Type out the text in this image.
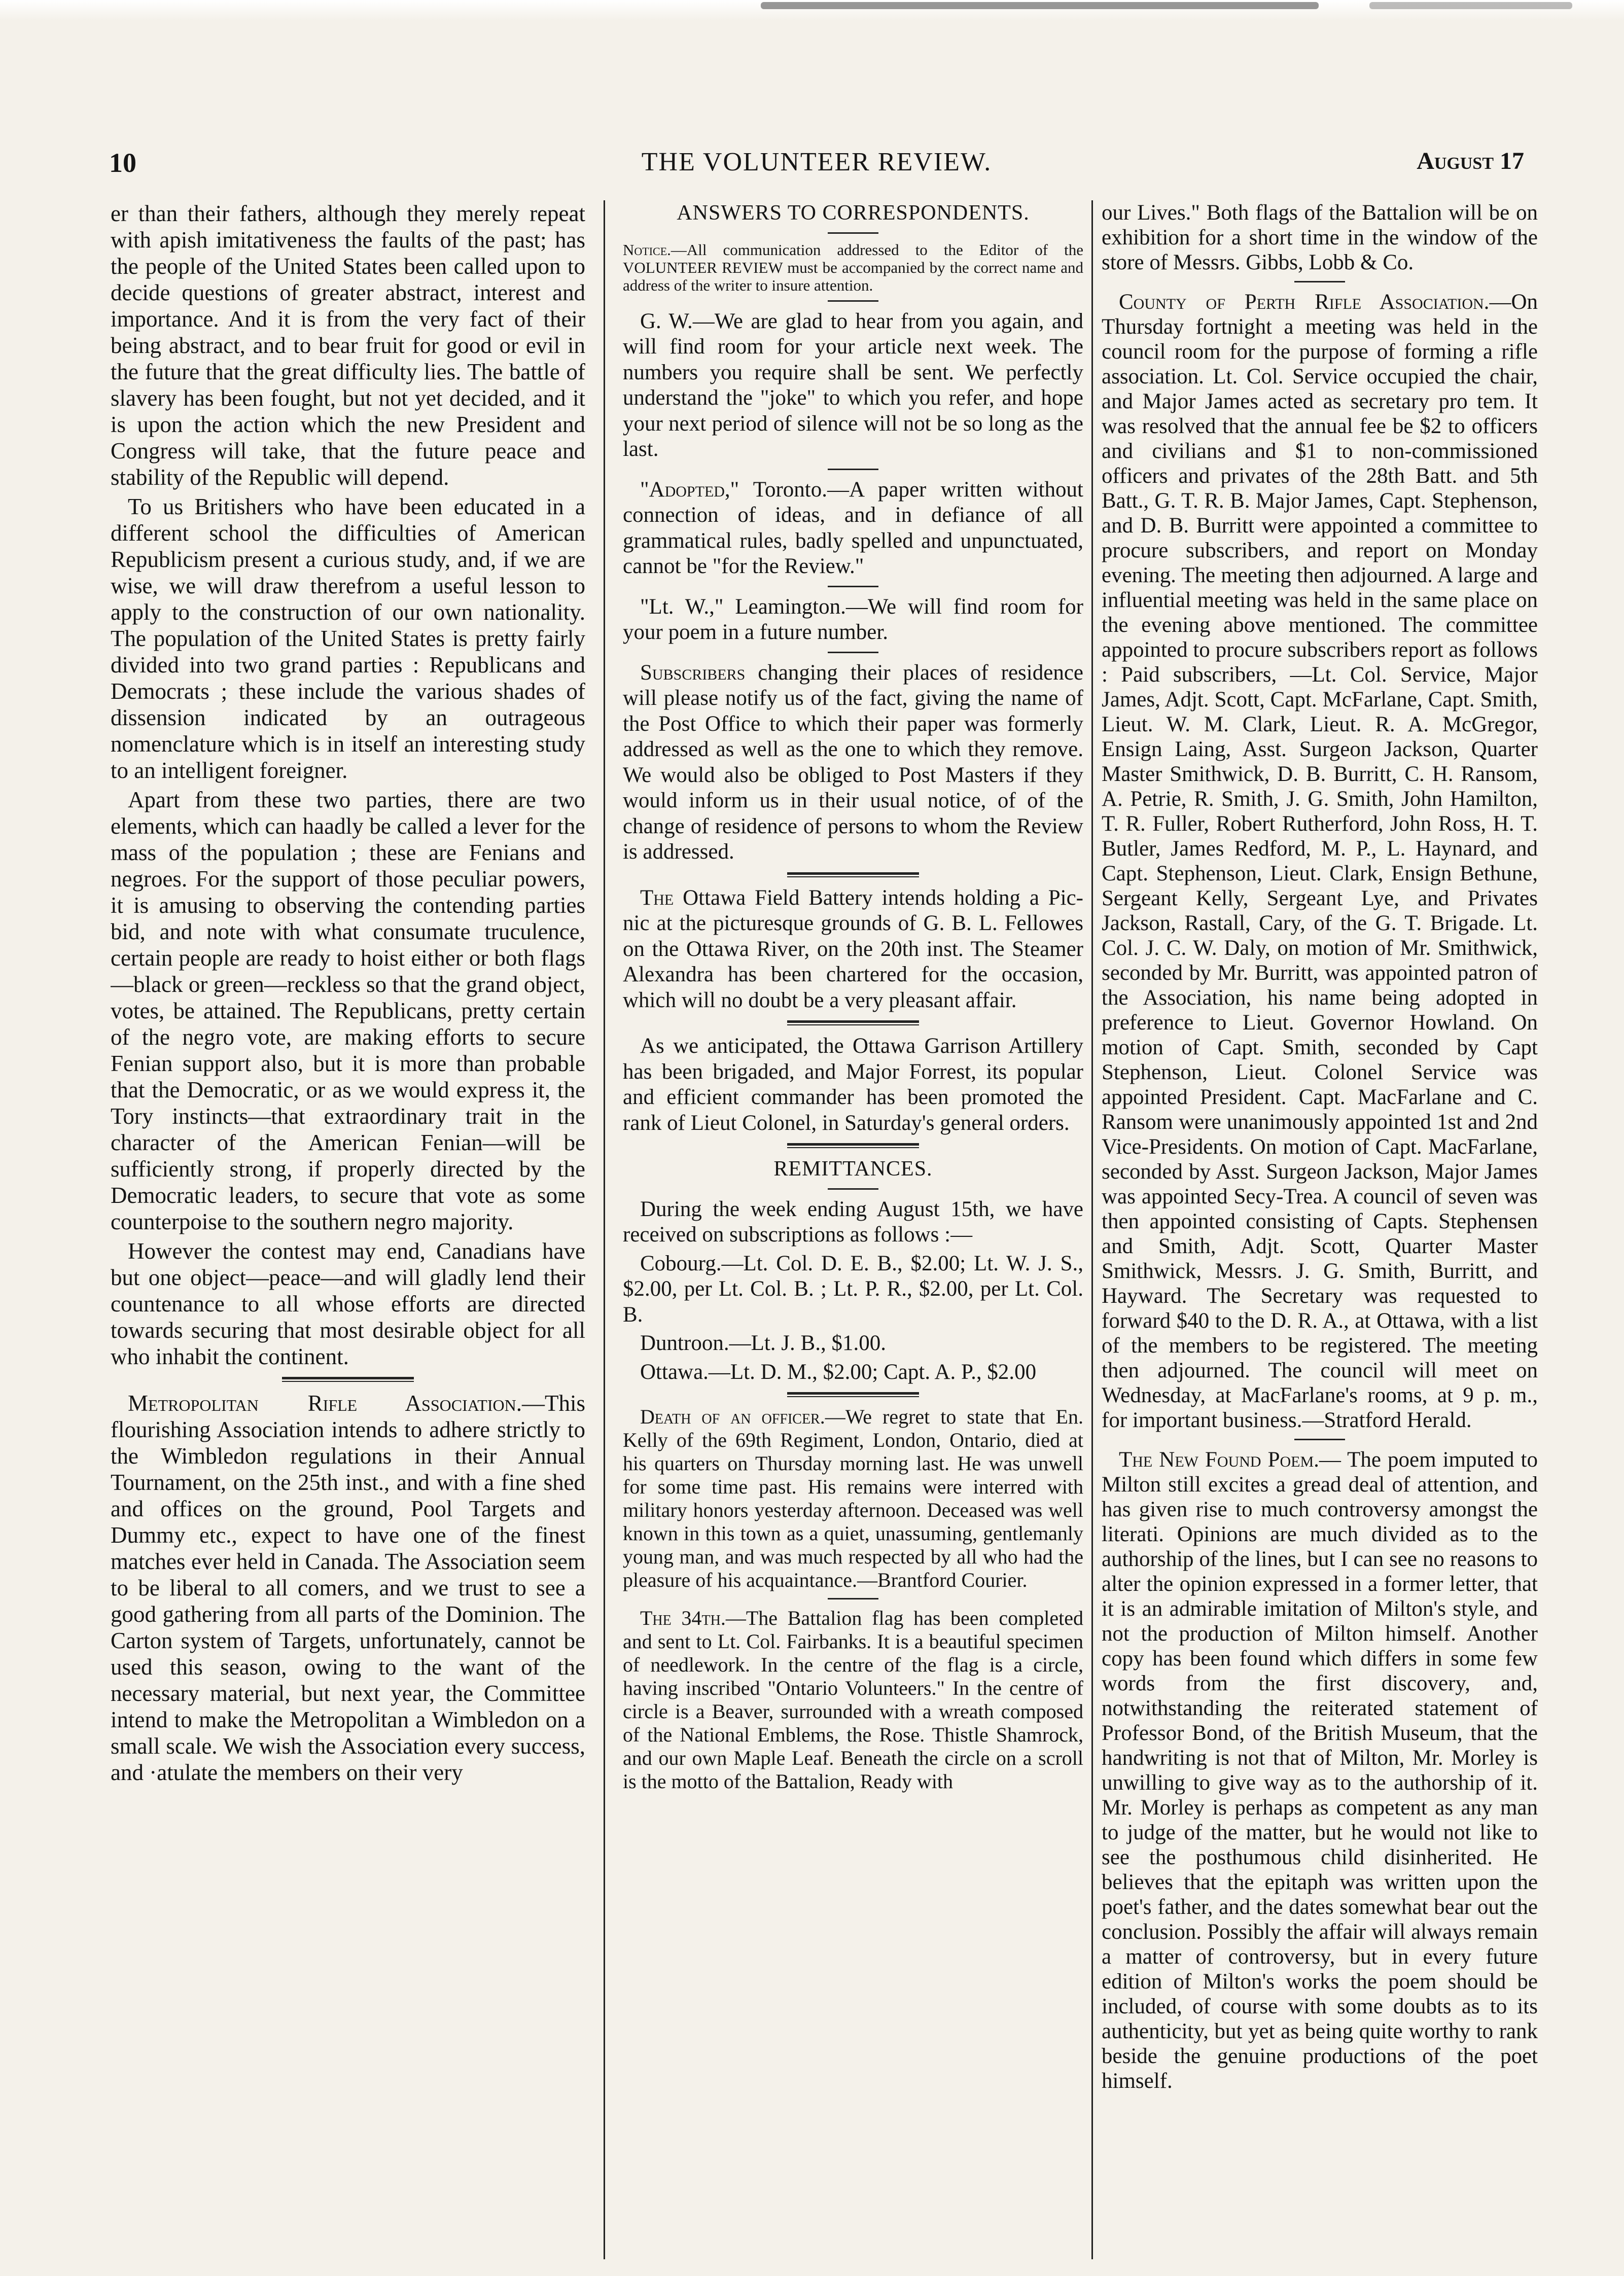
10	THE VOLUNTEER REVIEW.	August 17

er than their fathers, although they merely repeat with apish imitativeness the faults of the past; has the people of the United States been called upon to decide questions of greater abstract, interest and importance. And it is from the very fact of their being abstract, and to bear fruit for good or evil in the future that the great difficulty lies. The battle of slavery has been fought, but not yet decided, and it is upon the action which the new President and Congress will take, that the future peace and stability of the Republic will depend.

To us Britishers who have been educated in a different school the difficulties of American Republicism present a curious study, and, if we are wise, we will draw therefrom a useful lesson to apply to the construction of our own nationality. The population of the United States is pretty fairly divided into two grand parties : Republicans and Democrats ; these include the various shades of dissension indicated by an outrageous nomenclature which is in itself an interesting study to an intelligent foreigner.

Apart from these two parties, there are two elements, which can haadly be called a lever for the mass of the population ; these are Fenians and negroes. For the support of those peculiar powers, it is amusing to observing the contending parties bid, and note with what consumate truculence, certain people are ready to hoist either or both flags—black or green—reckless so that the grand object, votes, be attained. The Republicans, pretty certain of the negro vote, are making efforts to secure Fenian support also, but it is more than probable that the Democratic, or as we would express it, the Tory instincts—that extraordinary trait in the character of the American Fenian—will be sufficiently strong, if properly directed by the Democratic leaders, to secure that vote as some counterpoise to the southern negro majority.

However the contest may end, Canadians have but one object—peace—and will gladly lend their countenance to all whose efforts are directed towards securing that most desirable object for all who inhabit the continent.

Metropolitan Rifle Association.—This flourishing Association intends to adhere strictly to the Wimbledon regulations in their Annual Tournament, on the 25th inst., and with a fine shed and offices on the ground, Pool Targets and Dummy etc., expect to have one of the finest matches ever held in Canada. The Association seem to be liberal to all comers, and we trust to see a good gathering from all parts of the Dominion. The Carton system of Targets, unfortunately, cannot be used this season, owing to the want of the necessary material, but next year, the Committee intend to make the Metropolitan a Wimbledon on a small scale. We wish the Association every success, and ·atulate the members on their very

ANSWERS TO CORRESPONDENTS.

Notice.—All communication addressed to the Editor of the VOLUNTEER REVIEW must be accompanied by the correct name and address of the writer to insure attention.

G. W.—We are glad to hear from you again, and will find room for your article next week. The numbers you require shall be sent. We perfectly understand the "joke" to which you refer, and hope your next period of silence will not be so long as the last.

"Adopted," Toronto.—A paper written without connection of ideas, and in defiance of all grammatical rules, badly spelled and unpunctuated, cannot be "for the Review."

"Lt. W.," Leamington.—We will find room for your poem in a future number.

Subscribers changing their places of residence will please notify us of the fact, giving the name of the Post Office to which their paper was formerly addressed as well as the one to which they remove. We would also be obliged to Post Masters if they would inform us in their usual notice, of of the change of residence of persons to whom the Review is addressed.

The Ottawa Field Battery intends holding a Pic-nic at the picturesque grounds of G. B. L. Fellowes on the Ottawa River, on the 20th inst. The Steamer Alexandra has been chartered for the occasion, which will no doubt be a very pleasant affair.

As we anticipated, the Ottawa Garrison Artillery has been brigaded, and Major Forrest, its popular and efficient commander has been promoted the rank of Lieut Colonel, in Saturday's general orders.

REMITTANCES.

During the week ending August 15th, we have received on subscriptions as follows :—

Cobourg.—Lt. Col. D. E. B., $2.00; Lt. W. J. S., $2.00, per Lt. Col. B. ; Lt. P. R., $2.00, per Lt. Col. B.

Duntroon.—Lt. J. B., $1.00.

Ottawa.—Lt. D. M., $2.00; Capt. A. P., $2.00

Death of an officer.—We regret to state that En. Kelly of the 69th Regiment, London, Ontario, died at his quarters on Thursday morning last. He was unwell for some time past. His remains were interred with military honors yesterday afternoon. Deceased was well known in this town as a quiet, unassuming, gentlemanly young man, and was much respected by all who had the pleasure of his acquaintance.—Brantford Courier.

The 34th.—The Battalion flag has been completed and sent to Lt. Col. Fairbanks. It is a beautiful specimen of needlework. In the centre of the flag is a circle, having inscribed "Ontario Volunteers." In the centre of circle is a Beaver, surrounded with a wreath composed of the National Emblems, the Rose. Thistle Shamrock, and our own Maple Leaf. Beneath the circle on a scroll is the motto of the Battalion, Ready with

our Lives." Both flags of the Battalion will be on exhibition for a short time in the window of the store of Messrs. Gibbs, Lobb & Co.

County of Perth Rifle Association.—On Thursday fortnight a meeting was held in the council room for the purpose of forming a rifle association. Lt. Col. Service occupied the chair, and Major James acted as secretary pro tem. It was resolved that the annual fee be $2 to officers and civilians and $1 to non-commissioned officers and privates of the 28th Batt. and 5th Batt., G. T. R. B. Major James, Capt. Stephenson, and D. B. Burritt were appointed a committee to procure subscribers, and report on Monday evening. The meeting then adjourned. A large and influential meeting was held in the same place on the evening above mentioned. The committee appointed to procure subscribers report as follows : Paid subscribers, —Lt. Col. Service, Major James, Adjt. Scott, Capt. McFarlane, Capt. Smith, Lieut. W. M. Clark, Lieut. R. A. McGregor, Ensign Laing, Asst. Surgeon Jackson, Quarter Master Smithwick, D. B. Burritt, C. H. Ransom, A. Petrie, R. Smith, J. G. Smith, John Hamilton, T. R. Fuller, Robert Rutherford, John Ross, H. T. Butler, James Redford, M. P., L. Haynard, and Capt. Stephenson, Lieut. Clark, Ensign Bethune, Sergeant Kelly, Sergeant Lye, and Privates Jackson, Rastall, Cary, of the G. T. Brigade. Lt. Col. J. C. W. Daly, on motion of Mr. Smithwick, seconded by Mr. Burritt, was appointed patron of the Association, his name being adopted in preference to Lieut. Governor Howland. On motion of Capt. Smith, seconded by Capt Stephenson, Lieut. Colonel Service was appointed President. Capt. MacFarlane and C. Ransom were unanimously appointed 1st and 2nd Vice-Presidents. On motion of Capt. MacFarlane, seconded by Asst. Surgeon Jackson, Major James was appointed Secy-Trea. A council of seven was then appointed consisting of Capts. Stephensen and Smith, Adjt. Scott, Quarter Master Smithwick, Messrs. J. G. Smith, Burritt, and Hayward. The Secretary was requested to forward $40 to the D. R. A., at Ottawa, with a list of the members to be registered. The meeting then adjourned. The council will meet on Wednesday, at MacFarlane's rooms, at 9 p. m., for important business.—Stratford Herald.

The New Found Poem.— The poem imputed to Milton still excites a gread deal of attention, and has given rise to much controversy amongst the literati. Opinions are much divided as to the authorship of the lines, but I can see no reasons to alter the opinion expressed in a former letter, that it is an admirable imitation of Milton's style, and not the production of Milton himself. Another copy has been found which differs in some few words from the first discovery, and, notwithstanding the reiterated statement of Professor Bond, of the British Museum, that the handwriting is not that of Milton, Mr. Morley is unwilling to give way as to the authorship of it. Mr. Morley is perhaps as competent as any man to judge of the matter, but he would not like to see the posthumous child disinherited. He believes that the epitaph was written upon the poet's father, and the dates somewhat bear out the conclusion. Possibly the affair will always remain a matter of controversy, but in every future edition of Milton's works the poem should be included, of course with some doubts as to its authenticity, but yet as being quite worthy to rank beside the genuine productions of the poet himself.
